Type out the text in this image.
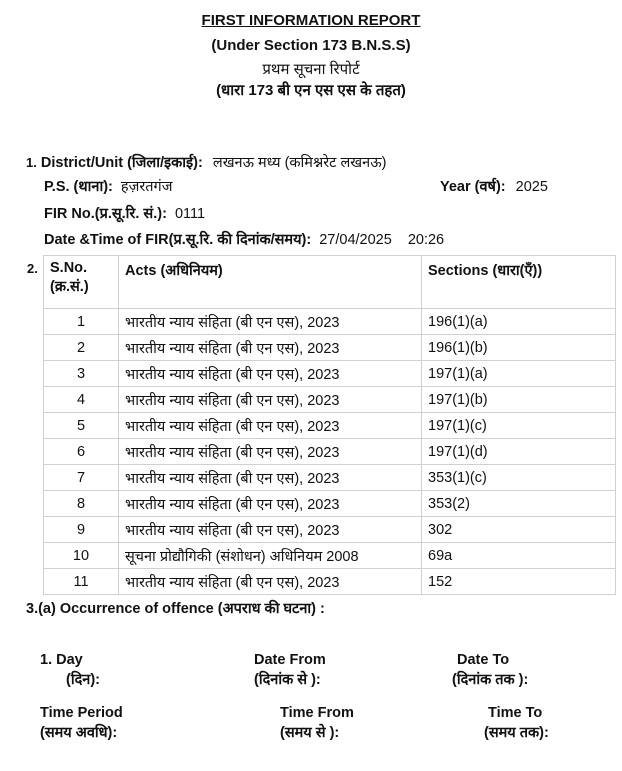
FIRST INFORMATION REPORT
(Under Section 173 B.N.S.S)
प्रथम सूचना रिपोर्ट
(धारा 173 बी एन एस एस के तहत)
1. District/Unit (जिला/इकाई): लखनऊ मध्य (कमिश्नरेट लखनऊ)
P.S. (थाना): हज़रतगंज	Year (वर्ष): 2025
FIR No.(प्र.सू.रि. सं.): 0111
Date &Time of FIR(प्र.सू.रि. की दिनांक/समय): 27/04/2025 20:26
2. S.No.
(क्र.सं.)	Acts (अधिनियम)	Sections (धारा(एँ))
1	भारतीय न्याय संहिता (बी एन एस), 2023	196(1)(a)
2	भारतीय न्याय संहिता (बी एन एस), 2023	196(1)(b)
3	भारतीय न्याय संहिता (बी एन एस), 2023	197(1)(a)
4	भारतीय न्याय संहिता (बी एन एस), 2023	197(1)(b)
5	भारतीय न्याय संहिता (बी एन एस), 2023	197(1)(c)
6	भारतीय न्याय संहिता (बी एन एस), 2023	197(1)(d)
7	भारतीय न्याय संहिता (बी एन एस), 2023	353(1)(c)
8	भारतीय न्याय संहिता (बी एन एस), 2023	353(2)
9	भारतीय न्याय संहिता (बी एन एस), 2023	302
10	सूचना प्रोद्यौगिकी (संशोधन) अधिनियम 2008	69a
11	भारतीय न्याय संहिता (बी एन एस), 2023	152
3.(a) Occurrence of offence (अपराध की घटना) :
1. Day
(दिन):
Date From
(दिनांक से ):
Date To
(दिनांक तक ):
Time Period
(समय अवधि):
Time From
(समय से ):
Time To
(समय तक):
